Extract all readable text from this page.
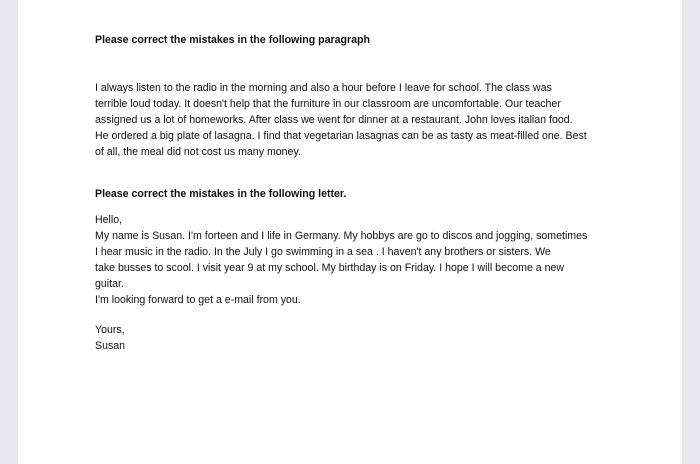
Please correct the mistakes in the following paragraph

I always listen to the radio in the morning and also a hour before I leave for school. The class was
terrible loud today. It doesn't help that the furniture in our classroom are uncomfortable. Our teacher
assigned us a lot of homeworks. After class we went for dinner at a restaurant. John loves italian food.
He ordered a big plate of lasagna. I find that vegetarian lasagnas can be as tasty as meat-filled one. Best
of all, the meal did not cost us many money.

Please correct the mistakes in the following letter.

Hello,
My name is Susan. I'm forteen and I life in Germany. My hobbys are go to discos and jogging, sometimes
I hear music in the radio. In the July I go swimming in a sea . I haven't any brothers or sisters. We
take busses to scool. I visit year 9 at my school. My birthday is on Friday. I hope I will become a new
guitar.
I'm looking forward to get a e-mail from you.
Yours,
Susan
